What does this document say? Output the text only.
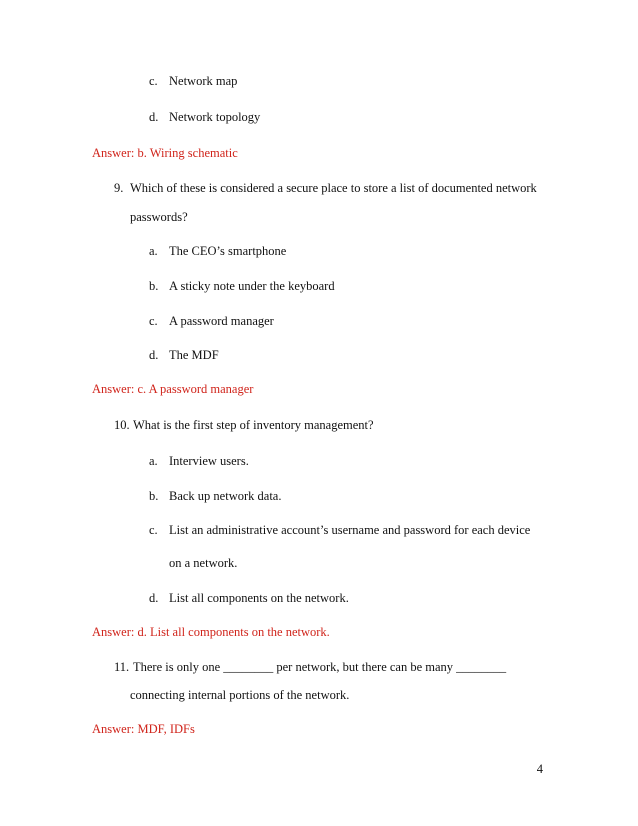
c. Network map
d. Network topology
Answer: b. Wiring schematic
9. Which of these is considered a secure place to store a list of documented network
passwords?
a. The CEO’s smartphone
b. A sticky note under the keyboard
c. A password manager
d. The MDF
Answer: c. A password manager
10. What is the first step of inventory management?
a. Interview users.
b. Back up network data.
c. List an administrative account’s username and password for each device
on a network.
d. List all components on the network.
Answer: d. List all components on the network.
11. There is only one ________ per network, but there can be many ________
connecting internal portions of the network.
Answer: MDF, IDFs
4
